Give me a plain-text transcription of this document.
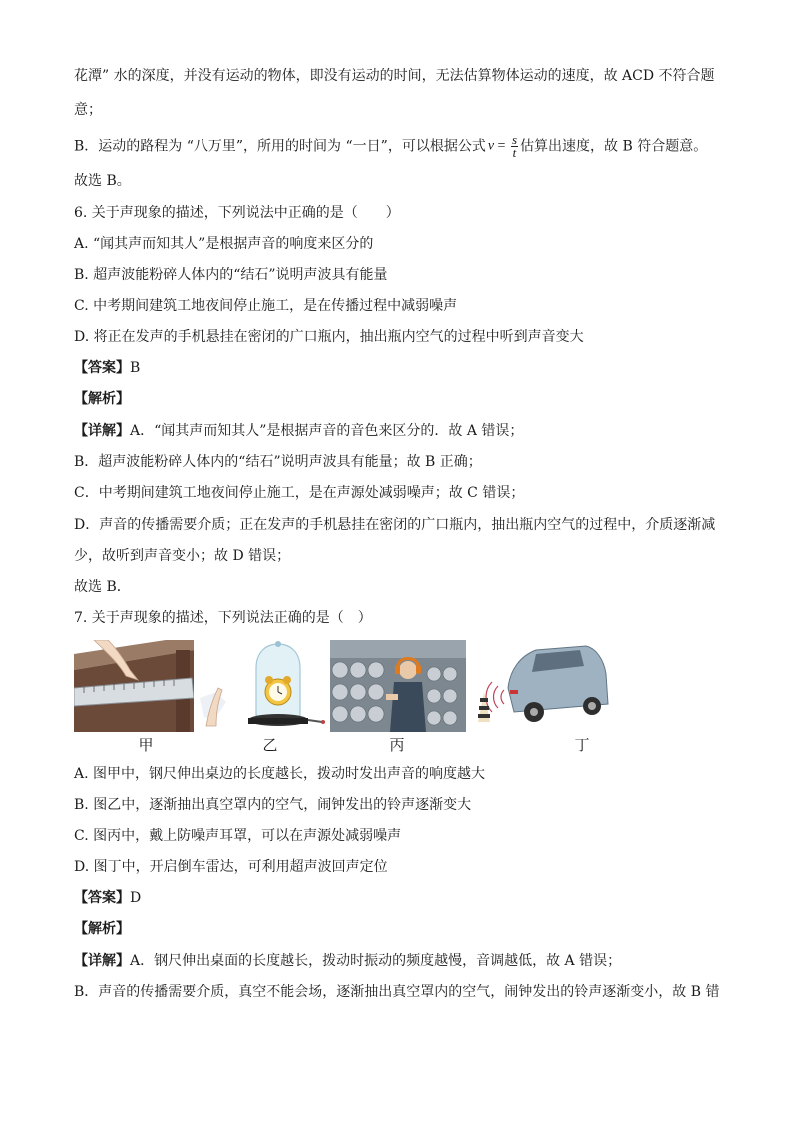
花潭” 水的深度，并没有运动的物体，即没有运动的时间，无法估算物体运动的速度，故 ACD 不符合题
意；
B．运动的路程为 “八万里”，所用的时间为 “一日”，可以根据公式 $v = \frac{s}{t}$ 估算出速度，故 B 符合题意。
故选 B。
6. 关于声现象的描述，下列说法中正确的是（　　）
A. “闻其声而知其人”是根据声音的响度来区分的
B. 超声波能粉碎人体内的“结石”说明声波具有能量
C. 中考期间建筑工地夜间停止施工，是在传播过程中减弱噪声
D. 将正在发声的手机悬挂在密闭的广口瓶内，抽出瓶内空气的过程中听到声音变大
【答案】B
【解析】
【详解】A．“闻其声而知其人”是根据声音的音色来区分的．故 A 错误；
B．超声波能粉碎人体内的“结石”说明声波具有能量；故 B 正确；
C．中考期间建筑工地夜间停止施工，是在声源处减弱噪声；故 C 错误；
D．声音的传播需要介质；正在发声的手机悬挂在密闭的广口瓶内，抽出瓶内空气的过程中，介质逐渐减
少，故听到声音变小；故 D 错误；
故选 B．
7. 关于声现象的描述，下列说法正确的是（　）
甲	乙	丙	丁
A. 图甲中，钢尺伸出桌边的长度越长，拨动时发出声音的响度越大
B. 图乙中，逐渐抽出真空罩内的空气，闹钟发出的铃声逐渐变大
C. 图丙中，戴上防噪声耳罩，可以在声源处减弱噪声
D. 图丁中，开启倒车雷达，可利用超声波回声定位
【答案】D
【解析】
【详解】A．钢尺伸出桌面的长度越长，拨动时振动的频度越慢，音调越低，故 A 错误；
B．声音的传播需要介质，真空不能会场，逐渐抽出真空罩内的空气，闹钟发出的铃声逐渐变小，故 B 错
